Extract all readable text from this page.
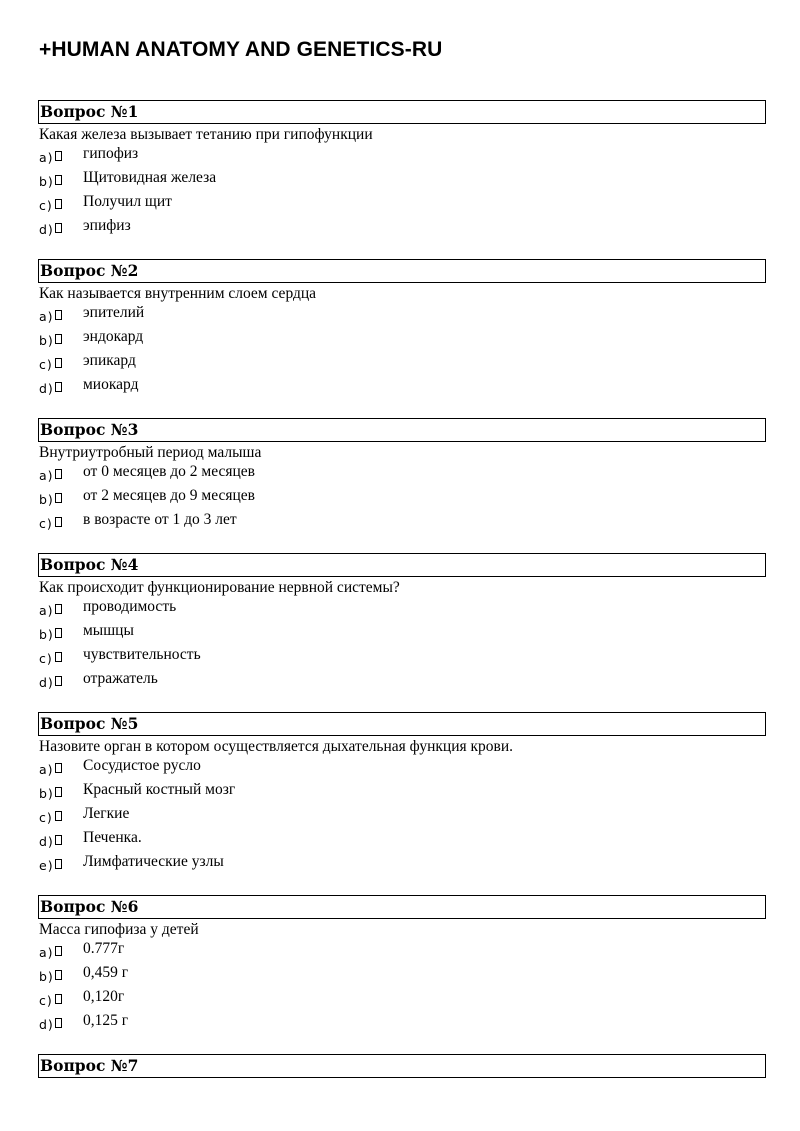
+HUMAN ANATOMY AND GENETICS-RU
Вопрос №1
Какая железа вызывает тетанию при гипофункции
a) гипофиз
b) Щитовидная железа
c) Получил щит
d) эпифиз
Вопрос №2
Как называется внутренним слоем сердца
a) эпителий
b) эндокард
c) эпикард
d) миокард
Вопрос №3
Внутриутробный период малыша
a) от 0 месяцев до 2 месяцев
b) от 2 месяцев до 9 месяцев
c) в возрасте от 1 до 3 лет
Вопрос №4
Как происходит функционирование нервной системы?
a) проводимость
b) мышцы
c) чувствительность
d) отражатель
Вопрос №5
Назовите орган в котором осуществляется дыхательная функция крови.
a) Сосудистое русло
b) Красный костный мозг
c) Легкие
d) Печенка.
e) Лимфатические узлы
Вопрос №6
Масса гипофиза у детей
a) 0.777г
b) 0,459 г
c) 0,120г
d) 0,125 г
Вопрос №7
